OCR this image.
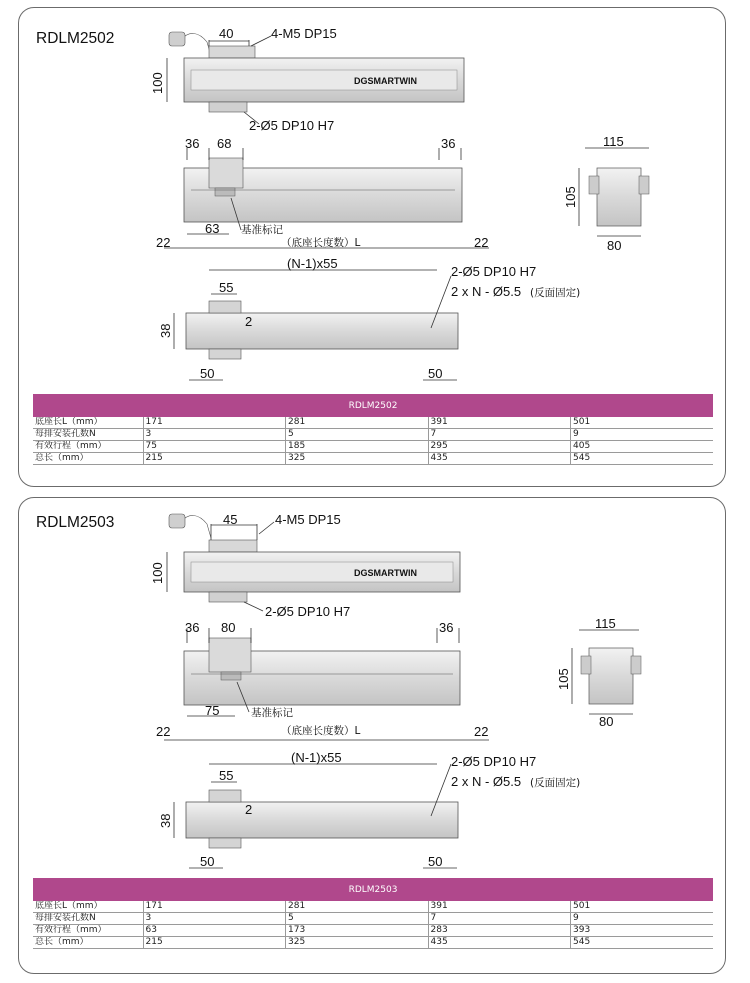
RDLM2502
DGSMARTWIN
40	4-M5 DP15
100
2-Ø5 DP10 H7
36 68	36
63 基准标记
22	（底座长度数）L	22
115
105
80
(N-1)x55
2-Ø5 DP10 H7
2 x N - Ø5.5 (反面固定)
55
2
38
50	50
RDLM2502				
底座长L（mm）	171	281	391	501
每排安装孔数N	3	5	7	9
有效行程（mm）	75	185	295	405
总长（mm）	215	325	435	545
RDLM2503
DGSMARTWIN
45	4-M5 DP15
100
2-Ø5 DP10 H7
36 80	36
75	基准标记
22	（底座长度数）L	22
115
105
80
(N-1)x55	2-Ø5 DP10 H7
2 x N - Ø5.5 (反面固定)
55
2
38
50	50
RDLM2503				
底座长L（mm）	171	281	391	501
每排安装孔数N	3	5	7	9
有效行程（mm）	63	173	283	393
总长（mm）	215	325	435	545
